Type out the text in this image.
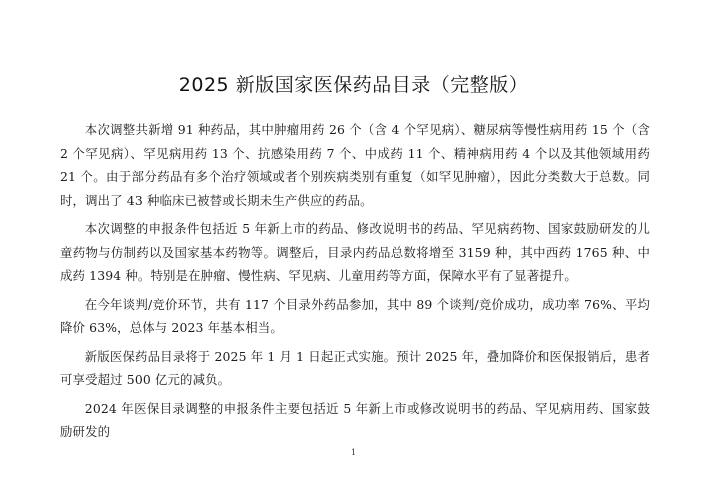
2025 新版国家医保药品目录（完整版）

本次调整共新增 91 种药品，其中肿瘤用药 26 个（含 4 个罕见病）、糖尿病等慢性病用药 15 个（含 2 个罕见病）、罕见病用药 13 个、抗感染用药 7 个、中成药 11 个、精神病用药 4 个以及其他领域用药 21 个。由于部分药品有多个治疗领域或者个别疾病类别有重复（如罕见肿瘤），因此分类数大于总数。同时，调出了 43 种临床已被替或长期未生产供应的药品。

本次调整的申报条件包括近 5 年新上市的药品、修改说明书的药品、罕见病药物、国家鼓励研发的儿童药物与仿制药以及国家基本药物等。调整后，目录内药品总数将增至 3159 种，其中西药 1765 种、中成药 1394 种。特别是在肿瘤、慢性病、罕见病、儿童用药等方面，保障水平有了显著提升。

在今年谈判/竞价环节，共有 117 个目录外药品参加，其中 89 个谈判/竞价成功，成功率 76%、平均降价 63%，总体与 2023 年基本相当。

新版医保药品目录将于 2025 年 1 月 1 日起正式实施。预计 2025 年，叠加降价和医保报销后，患者可享受超过 500 亿元的减负。

2024 年医保目录调整的申报条件主要包括近 5 年新上市或修改说明书的药品、罕见病用药、国家鼓励研发的

1
